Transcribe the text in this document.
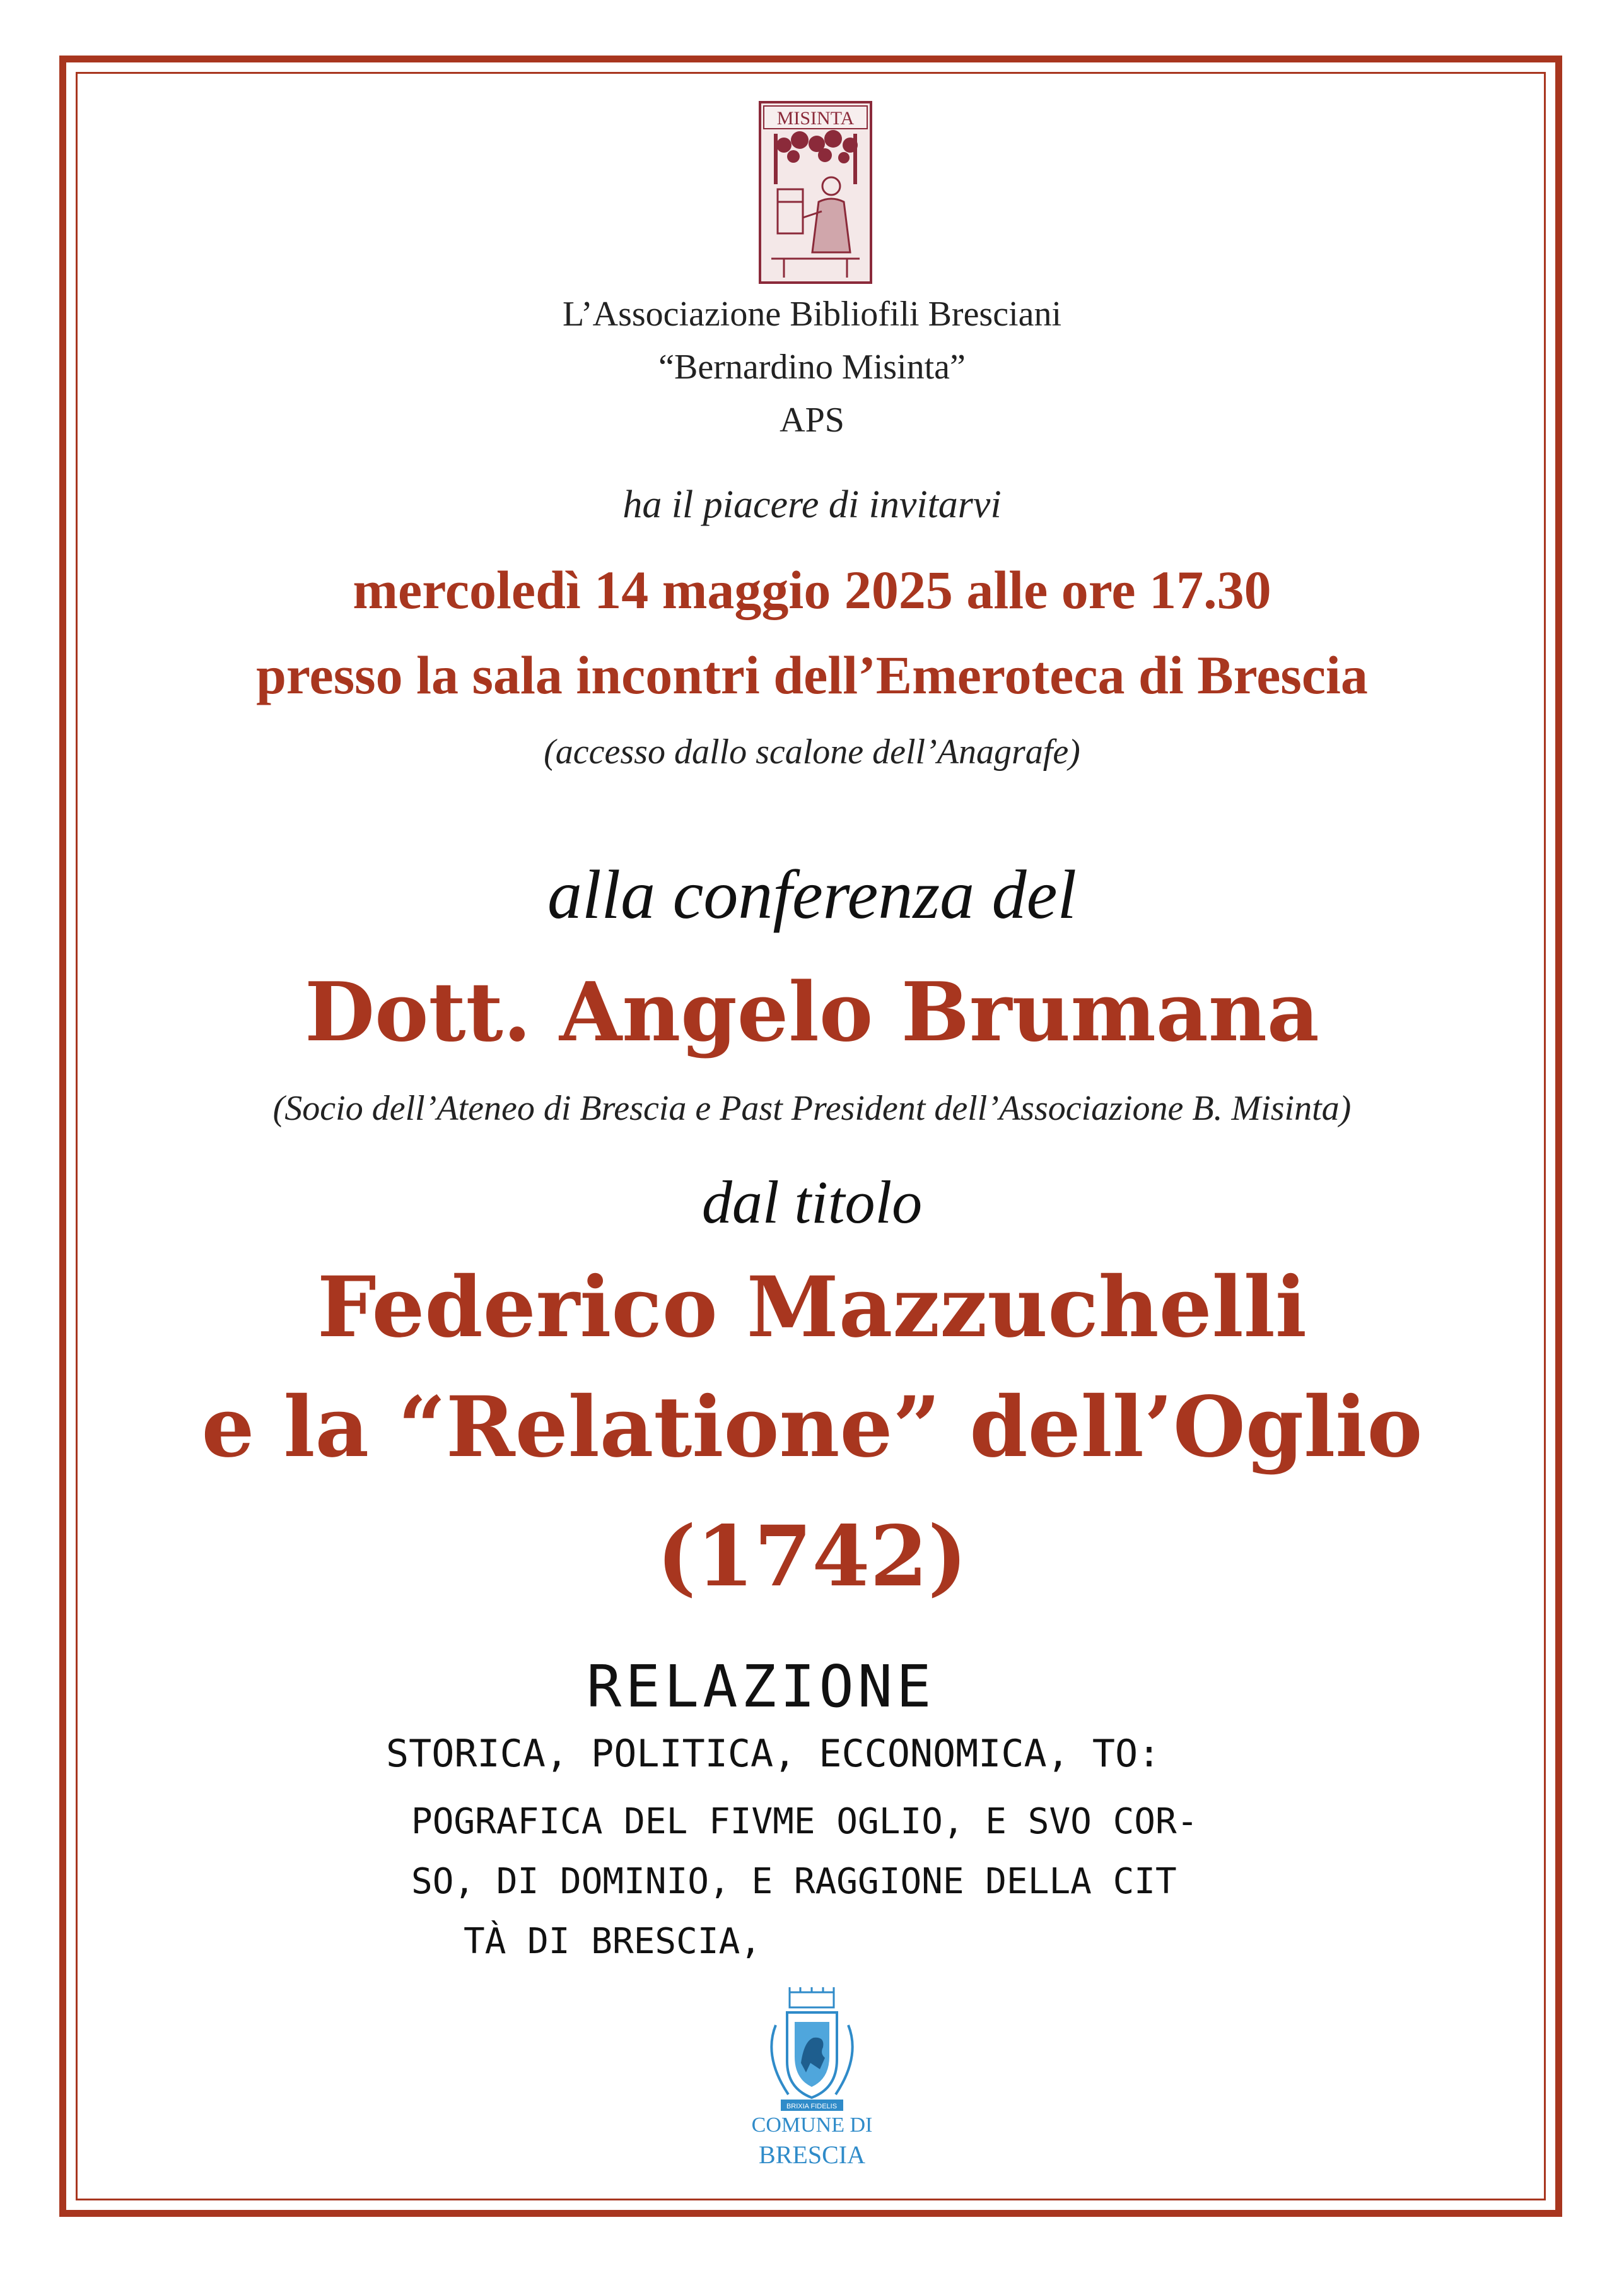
MISINTA
L’Associazione Bibliofili Bresciani
“Bernardino Misinta”
APS
ha il piacere di invitarvi
mercoledì 14 maggio 2025 alle ore 17.30
presso la sala incontri dell’Emeroteca di Brescia
(accesso dallo scalone dell’Anagrafe)
alla conferenza del
Dott. Angelo Brumana
(Socio dell’Ateneo di Brescia e Past President dell’Associazione B. Misinta)
dal titolo
Federico Mazzuchelli
e la “Relatione” dell’Oglio
(1742)
RELAZIONE
STORICA, POLITICA, ECCONOMICA, TO:
POGRAFICA DEL FIVME OGLIO, E SVO COR-
SO, DI DOMINIO, E RAGGIONE DELLA CIT
TÀ DI BRESCIA,
BRIXIA FIDELIS
COMUNE DI
BRESCIA
